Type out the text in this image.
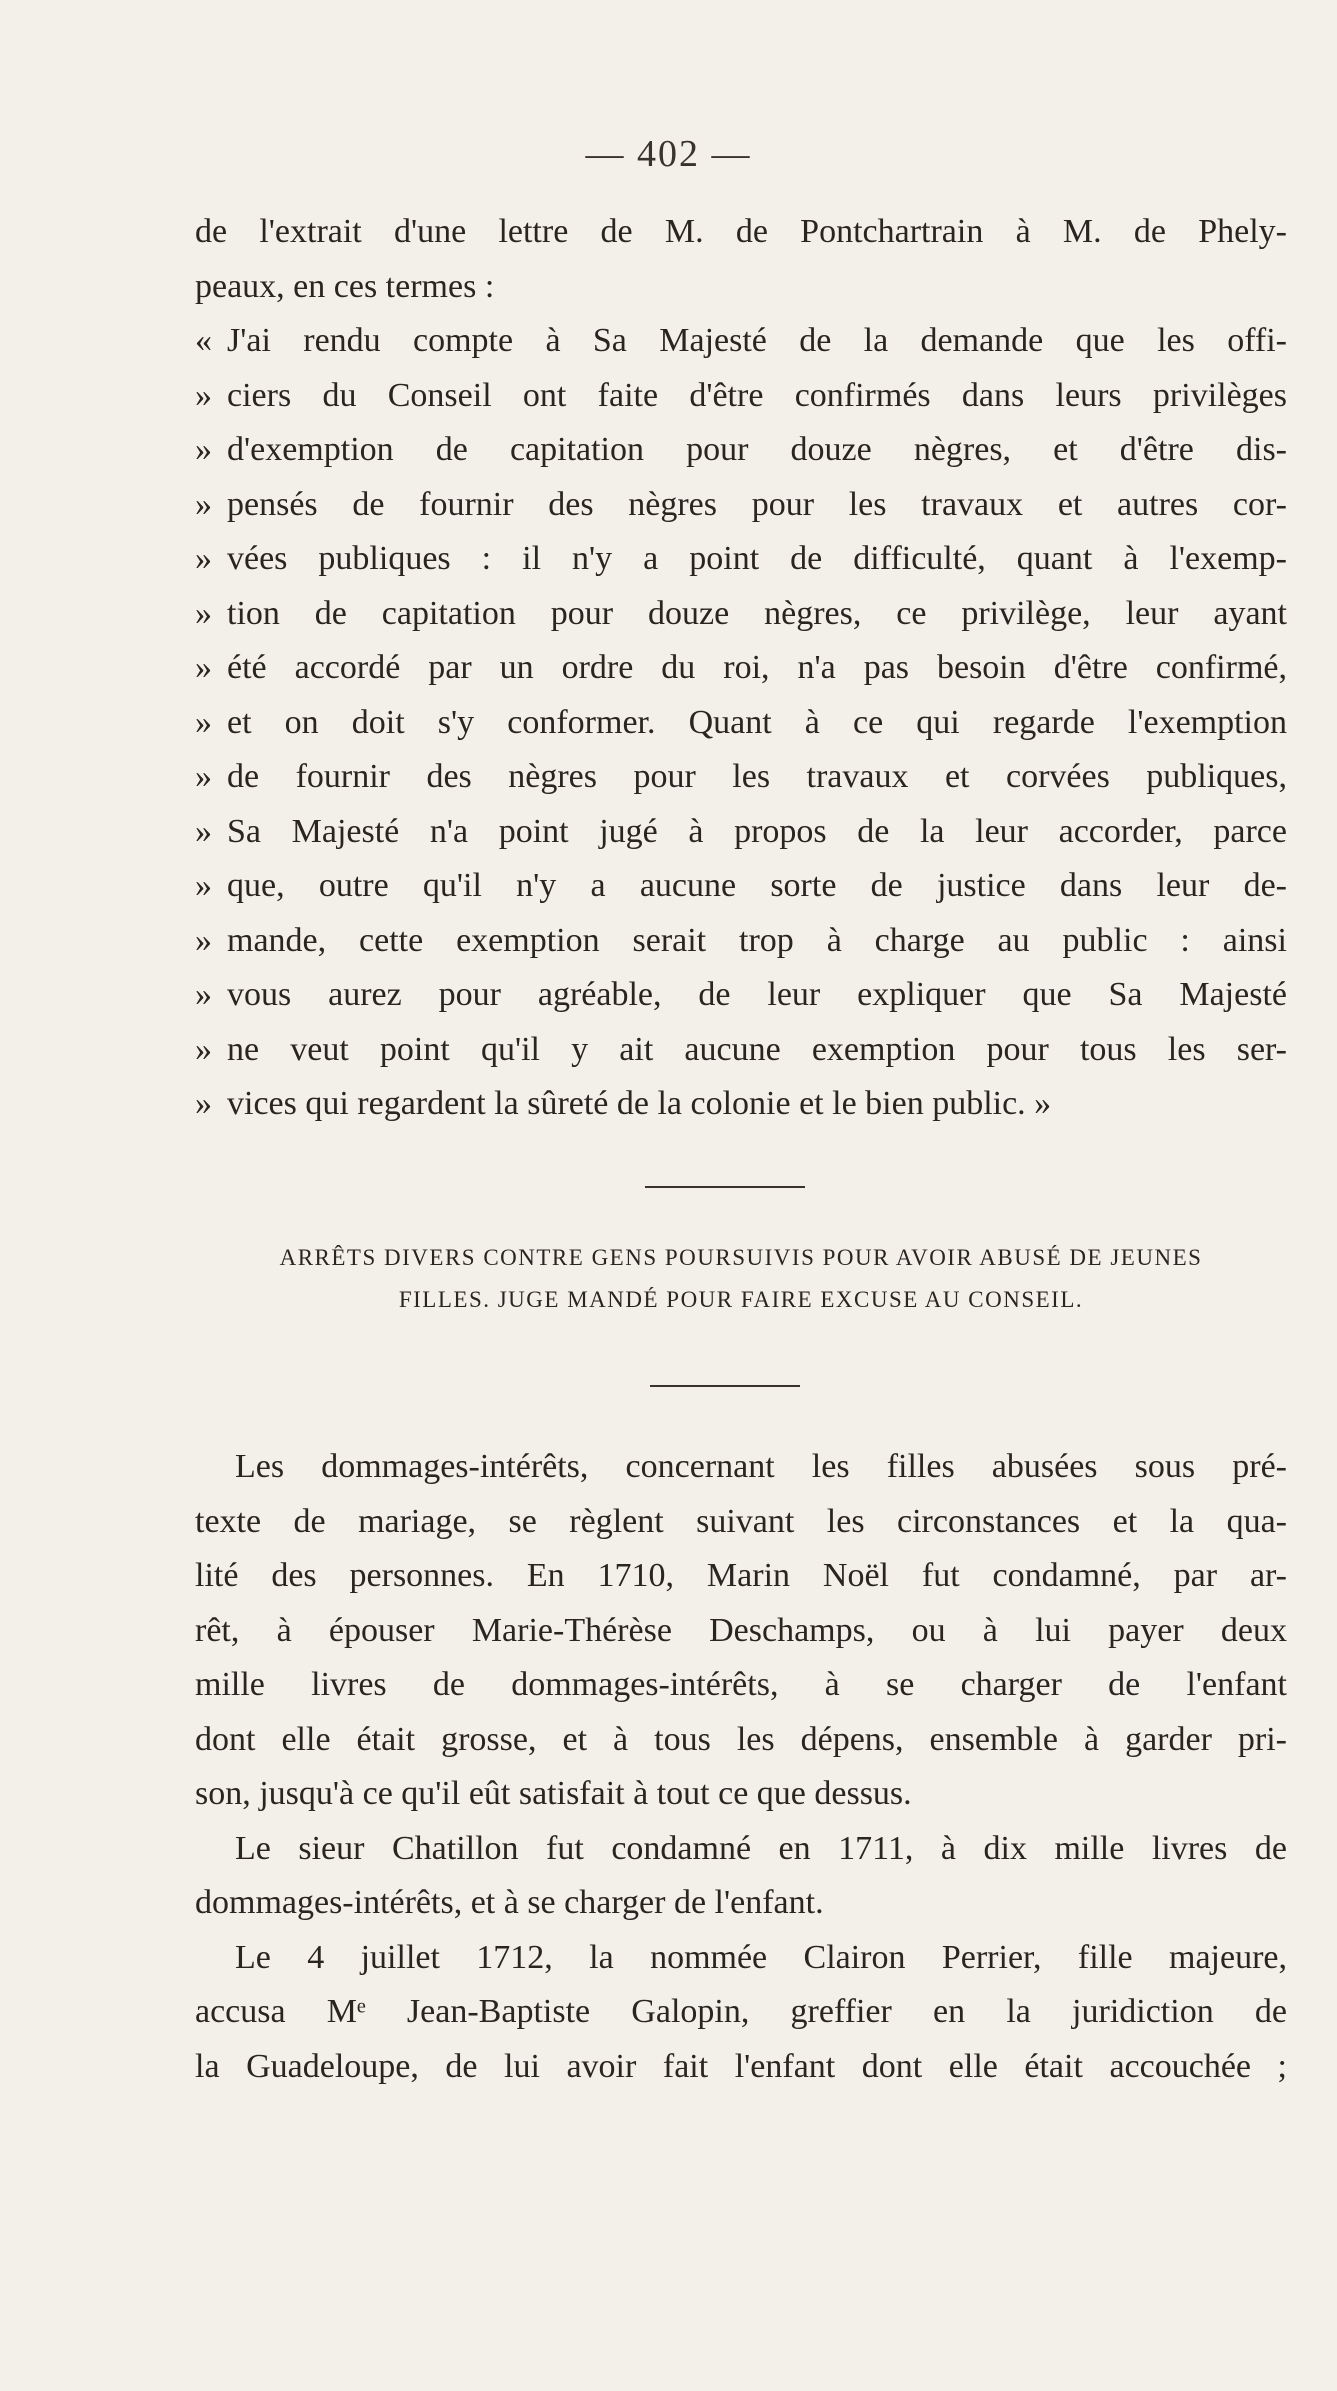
— 402 —
de l'extrait d'une lettre de M. de Pontchartrain à M. de Phely-
peaux, en ces termes :
« J'ai rendu compte à Sa Majesté de la demande que les offi-
» ciers du Conseil ont faite d'être confirmés dans leurs privilèges
» d'exemption de capitation pour douze nègres, et d'être dis-
» pensés de fournir des nègres pour les travaux et autres cor-
» vées publiques : il n'y a point de difficulté, quant à l'exemp-
» tion de capitation pour douze nègres, ce privilège, leur ayant
» été accordé par un ordre du roi, n'a pas besoin d'être confirmé,
» et on doit s'y conformer. Quant à ce qui regarde l'exemption
» de fournir des nègres pour les travaux et corvées publiques,
» Sa Majesté n'a point jugé à propos de la leur accorder, parce
» que, outre qu'il n'y a aucune sorte de justice dans leur de-
» mande, cette exemption serait trop à charge au public : ainsi
» vous aurez pour agréable, de leur expliquer que Sa Majesté
» ne veut point qu'il y ait aucune exemption pour tous les ser-
» vices qui regardent la sûreté de la colonie et le bien public. »
ARRÊTS DIVERS CONTRE GENS POURSUIVIS POUR AVOIR ABUSÉ DE JEUNES
FILLES. JUGE MANDÉ POUR FAIRE EXCUSE AU CONSEIL.
Les dommages-intérêts, concernant les filles abusées sous pré-
texte de mariage, se règlent suivant les circonstances et la qua-
lité des personnes. En 1710, Marin Noël fut condamné, par ar-
rêt, à épouser Marie-Thérèse Deschamps, ou à lui payer deux
mille livres de dommages-intérêts, à se charger de l'enfant
dont elle était grosse, et à tous les dépens, ensemble à garder pri-
son, jusqu'à ce qu'il eût satisfait à tout ce que dessus.
Le sieur Chatillon fut condamné en 1711, à dix mille livres de
dommages-intérêts, et à se charger de l'enfant.
Le 4 juillet 1712, la nommée Clairon Perrier, fille majeure,
accusa Mᵉ Jean-Baptiste Galopin, greffier en la juridiction de
la Guadeloupe, de lui avoir fait l'enfant dont elle était accouchée ;
